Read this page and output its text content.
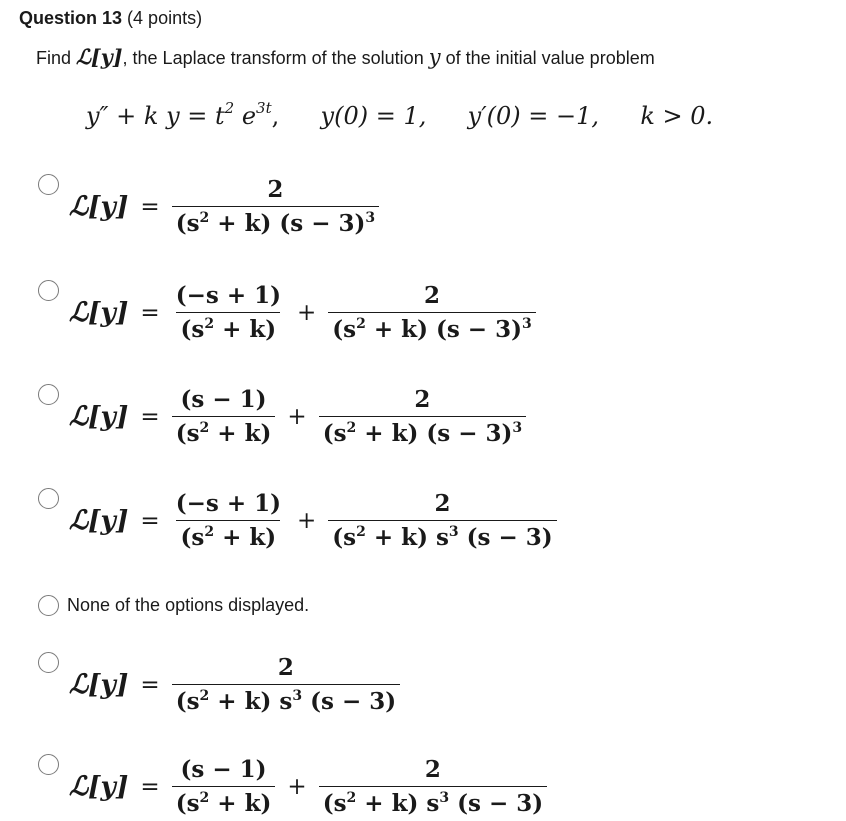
Question 13 (4 points)
Find ℒ[y], the Laplace transform of the solution y of the initial value problem
y″ + k $y = t^2$ $e^{3t}$, y(0) = 1, y′(0) = −1, k > 0.
ℒ[y] = $\frac{2}{(s^2 + k) (s - 3)^3}$
ℒ[y] = $\frac{(-s + 1)}{(s^2 + k)} + \frac{2}{(s^2 + k) (s - 3)^3}$
ℒ[y] = $\frac{(s - 1)}{(s^2 + k)} + \frac{2}{(s^2 + k) (s - 3)^3}$
ℒ[y] = $\frac{(-s + 1)}{(s^2 + k)} + \frac{2}{(s^2 + k) s^3 (s - 3)}$
None of the options displayed.
ℒ[y] = $\frac{2}{(s^2 + k) s^3 (s - 3)}$
ℒ[y] = $\frac{(s - 1)}{(s^2 + k)} + \frac{2}{(s^2 + k) s^3 (s - 3)}$
